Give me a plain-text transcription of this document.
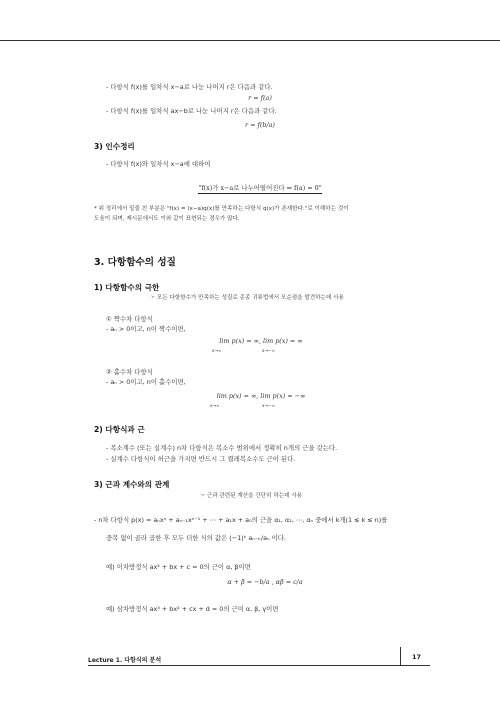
- 다항식 f(x)를 일차식 x−a로 나눈 나머지 r은 다음과 같다.
r = f(a)
- 다항식 f(x)를 일차식 ax−b로 나눈 나머지 r은 다음과 같다.
r = f(b/a)
3) 인수정리
- 다항식 f(x)와 일차식 x−a에 대하여
"f(x)가 x−a로 나누어떨어진다 ⇔ f(a) = 0"
* 위 정리에서 밑줄 친 부분은 "f(x) = (x−a)q(x)를 만족하는 다항식 q(x)가 존재한다."로 이해하는 것이
도움이 되며, 제시문에서도 이와 같이 표현되는 경우가 많다.
3. 다항함수의 성질
1) 다항함수의 극한
☞ 모든 다항함수가 만족하는 성질로 종종 귀류법에서 모순점을 발견하는데 사용
① 짝수차 다항식
- aₙ > 0이고, n이 짝수이면,
lim p(x) = ∞, lim p(x) = ∞
x→∞	x→−∞
② 홀수차 다항식
- aₙ > 0이고, n이 홀수이면,
lim p(x) = ∞, lim p(x) = −∞
x→∞	x→−∞
2) 다항식과 근
- 복소계수 (또는 실계수) n차 다항식은 복소수 범위에서 정확히 n개의 근을 갖는다.
- 실계수 다항식이 허근을 가지면 반드시 그 켤레복소수도 근이 된다.
3) 근과 계수와의 관계
☞ 근과 관련된 계산을 간단히 하는데 사용
- n차 다항식 p(x) = aₙxⁿ + aₙ₋₁xⁿ⁻¹ + ⋯ + a₁x + a₀의 근을 α₁, α₂, ⋯, αₙ 중에서 k개(1 ≤ k ≤ n)를
중복 없이 골라 곱한 후 모두 더한 식의 값은 (−1)ᵏ aₙ₋ₖ/aₙ 이다.
예) 이차방정식 ax² + bx + c = 0의 근이 α, β이면
α + β = −b/a , αβ = c/a
예) 삼차방정식 ax³ + bx² + cx + d = 0의 근이 α, β, γ이면
Lecture 1. 다항식의 분석	17
